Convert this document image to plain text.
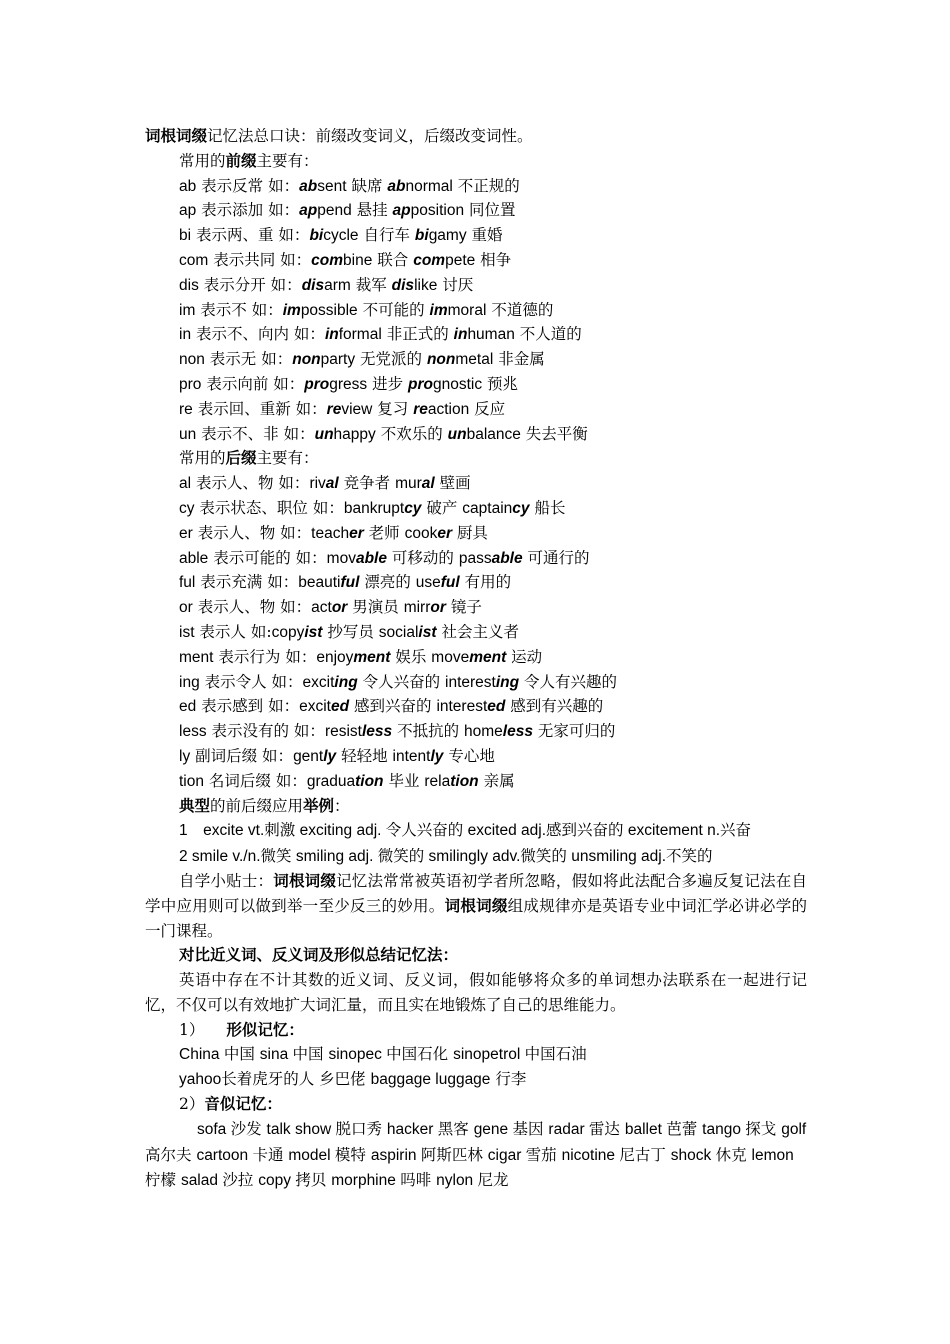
词根词缀记忆法总口诀：前缀改变词义，后缀改变词性。
常用的前缀主要有：
ab 表示反常 如：absent 缺席 abnormal 不正规的
ap 表示添加 如：append 悬挂 apposition 同位置
bi 表示两、重 如：bicycle 自行车 bigamy 重婚
com 表示共同 如：combine 联合 compete 相争
dis 表示分开 如：disarm 裁军 dislike 讨厌
im 表示不 如：impossible 不可能的 immoral 不道德的
in 表示不、向内 如：informal 非正式的 inhuman 不人道的
non 表示无 如：nonparty 无党派的 nonmetal 非金属
pro 表示向前 如：progress 进步 prognostic 预兆
re 表示回、重新 如：review 复习 reaction 反应
un 表示不、非 如：unhappy 不欢乐的 unbalance 失去平衡
常用的后缀主要有：
al 表示人、物 如：rival 竞争者 mural 壁画
cy 表示状态、职位 如：bankruptcy 破产 captaincy 船长
er 表示人、物 如：teacher 老师 cooker 厨具
able 表示可能的 如：movable 可移动的 passable 可通行的
ful 表示充满 如：beautiful 漂亮的 useful 有用的
or 表示人、物 如：actor 男演员 mirror 镜子
ist 表示人 如:copyist 抄写员 socialist 社会主义者
ment 表示行为 如：enjoyment 娱乐 movement 运动
ing 表示令人 如：exciting 令人兴奋的 interesting 令人有兴趣的
ed 表示感到 如：excited 感到兴奋的 interested 感到有兴趣的
less 表示没有的 如：resistless 不抵抗的 homeless 无家可归的
ly 副词后缀 如：gently 轻轻地 intently 专心地
tion 名词后缀 如：graduation 毕业 relation 亲属
典型的前后缀应用举例：
1　excite vt.刺激 exciting adj. 令人兴奋的 excited adj.感到兴奋的 excitement n.兴奋
2 smile v./n.微笑 smiling adj. 微笑的 smilingly adv.微笑的 unsmiling adj.不笑的
自学小贴士：词根词缀记忆法常常被英语初学者所忽略，假如将此法配合多遍反复记法在自学中应用则可以做到举一至少反三的妙用。词根词缀组成规律亦是英语专业中词汇学必讲必学的一门课程。
对比近义词、反义词及形似总结记忆法：
英语中存在不计其数的近义词、反义词，假如能够将众多的单词想办法联系在一起进行记忆，不仅可以有效地扩大词汇量，而且实在地锻炼了自己的思维能力。
1） 形似记忆：
China 中国 sina 中国 sinopec 中国石化 sinopetrol 中国石油
yahoo长着虎牙的人 乡巴佬 baggage luggage 行李
2）音似记忆：
sofa 沙发 talk show 脱口秀 hacker 黑客 gene 基因 radar 雷达 ballet 芭蕾 tango 探戈 golf 高尔夫 cartoon 卡通 model 模特 aspirin 阿斯匹林 cigar 雪茄 nicotine 尼古丁 shock 休克 lemon 柠檬 salad 沙拉 copy 拷贝 morphine 吗啡 nylon 尼龙
